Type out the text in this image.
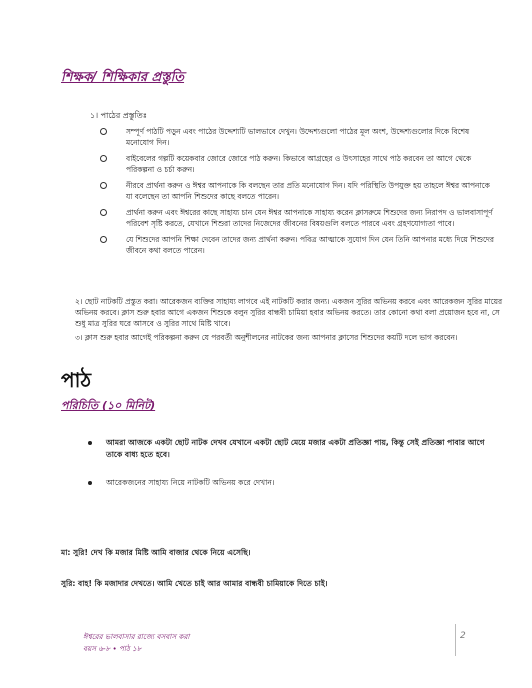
শিক্ষক/ শিক্ষিকার প্রস্তুতি
১। পাঠের প্রস্তুতিঃ
সম্পূর্ণ পাঠটি পড়ুন এবং পাঠের উদ্দেশ্যটি ভালভাবে দেখুন। উদ্দেশ্যগুলো পাঠের মূল অংশ, উদ্দেশ্যগুলোর দিকে বিশেষ মনোযোগ দিন।
বাইবেলের গল্পটি কয়েকবার জোরে জোরে পাঠ করুন। কিভাবে আগ্রহের ও উৎসাহের সাথে পাঠ করবেন তা আগে থেকে পরিকল্পনা ও চর্চা করুন।
নীরবে প্রার্থনা করুন ও ঈশ্বর আপনাকে কি বলছেন তার প্রতি মনোযোগ দিন। যদি পরিস্থিতি উপযুক্ত হয় তাহলে ঈশ্বর আপনাকে যা বলেছেন তা আপনি শিশুদের কাছে বলতে পারেন।
প্রার্থনা করুন এবং ঈশ্বরের কাছে সাহায্য চান যেন ঈশ্বর আপনাকে সাহায্য করেন ক্লাসরুমে শিশুদের জন্য নিরাপদ ও ভালবাসাপূর্ণ পরিবেশ সৃষ্টি করতে, যেখানে শিশুরা তাদের নিজেদের জীবনের বিষয়গুলি বলতে পারবে এবং গ্রহণযোগ্যতা পাবে।
যে শিশুদের আপনি শিক্ষা দেবেন তাদের জন্য প্রার্থনা করুন। পবিত্র আত্মাকে সুযোগ দিন যেন তিনি আপনার মধ্যে দিয়ে শিশুদের জীবনে কথা বলতে পারেন।
২। ছোট নাটকটি প্রস্তুত করা। আরেকজন ব্যক্তির সাহায্য লাগবে এই নাটকটি করার জন্য। একজন সুরির অভিনয় করবে এবং আরেকজন সুরির মায়ের অভিনয় করবে। ক্লাস শুরু হবার আগে একজন শিশুকে বলুন সুরির বান্ধবী চামিয়া হবার অভিনয় করতে। তার কোনো কথা বলা প্রয়োজন হবে না, সে শুধু মাত্র সুরির ঘরে আসবে ও সুরির সাথে মিষ্টি খাবে।
৩। ক্লাস শুরু হবার আগেই পরিকল্পনা করুন যে পরবর্তী অনুশীলনের নাটকের জন্য আপনার ক্লাসের শিশুদের কয়টি দলে ভাগ করবেন।
পাঠ
পরিচিতি (১০ মিনিট)
আমরা আজকে একটা ছোট নাটক দেখব যেখানে একটা ছোট মেয়ে মজার একটা প্রতিজ্ঞা পায়, কিন্তু সেই প্রতিজ্ঞা পাবার আগে তাকে বাধ্য হতে হবে।
আরেকজনের সাহায্য নিয়ে নাটকটি অভিনয় করে দেখান।
মা: সুরি! দেখ কি মজার মিষ্টি আমি বাজার থেকে নিয়ে এসেছি।
সুরি: বাহ! কি মজাদার দেখতে। আমি খেতে চাই আর আমার বান্ধবী চামিয়াকে দিতে চাই।
ঈশ্বরের ভালবাসার রাজ্যে বসবাস করা
বয়স ৬-৮ • পাঠ ১৮
2
